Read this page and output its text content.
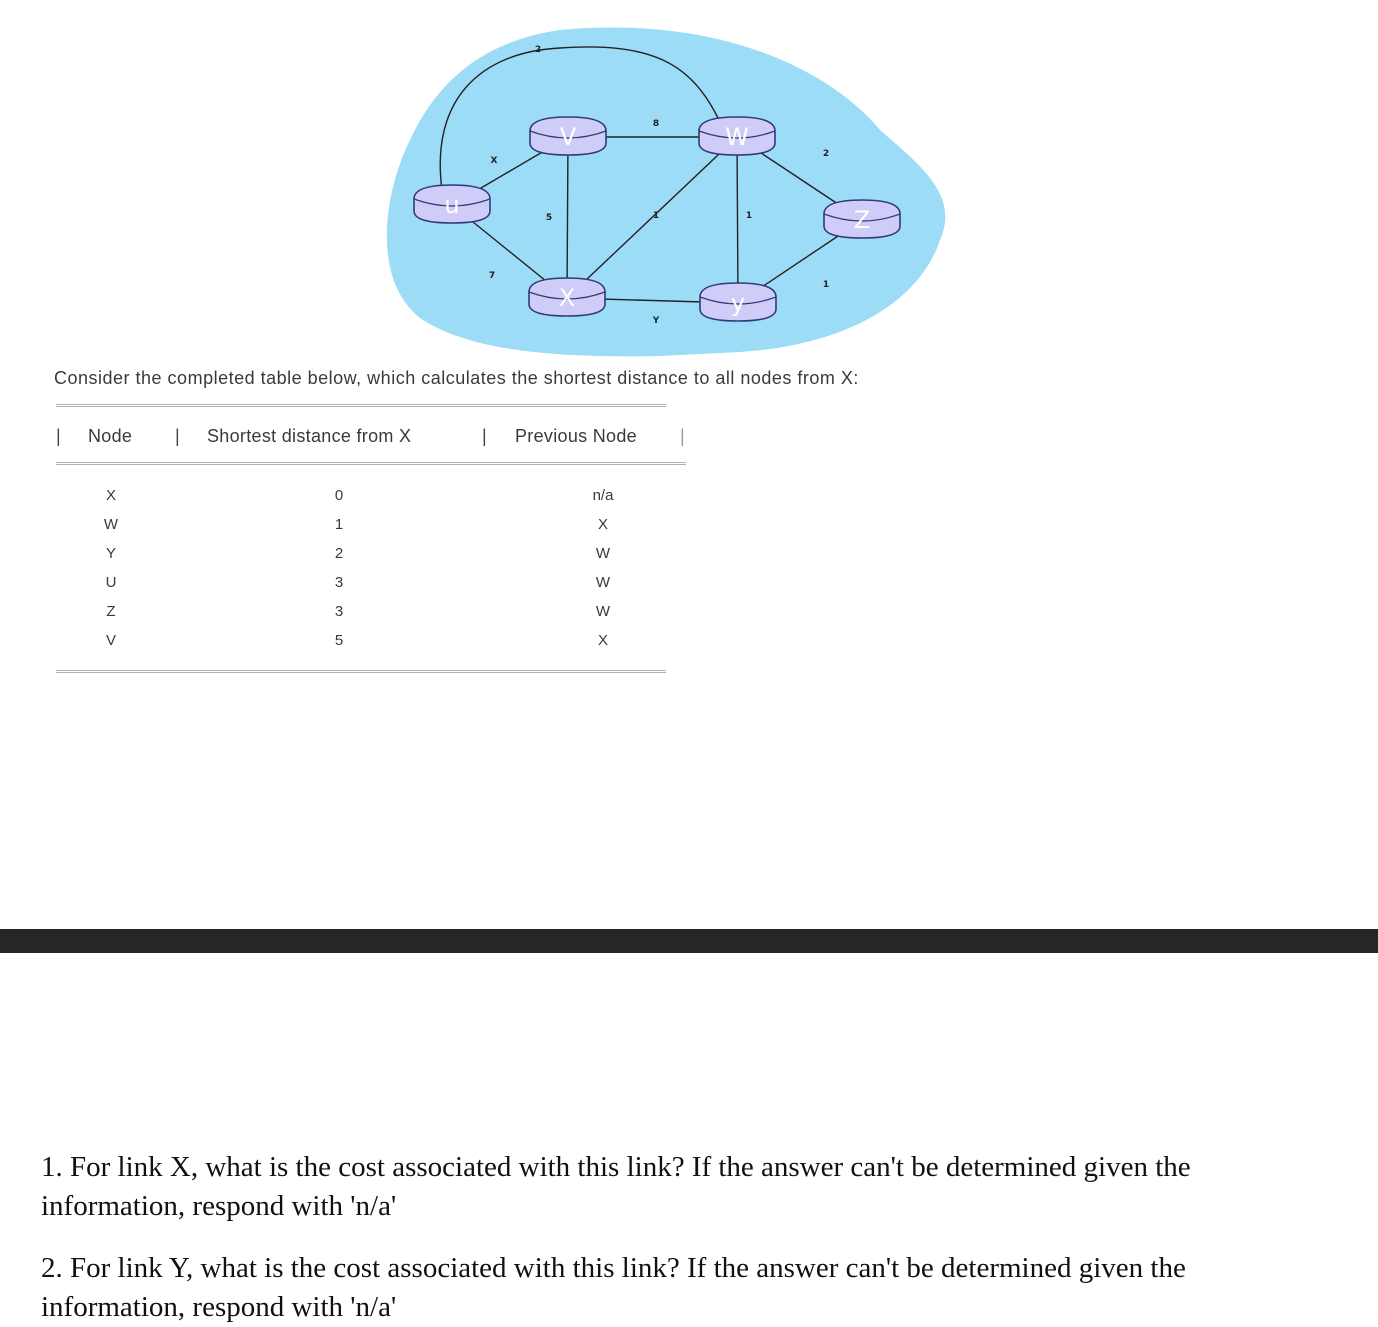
2
X
7
8
5	1	1
2
Y
1
u
V	W
Z
X	y
Consider the completed table below, which calculates the shortest distance to all nodes from X:
| Node | Shortest distance from X	| Previous Node |
X	0	n/a
W	1	X
Y	2	W
U	3	W
Z	3	W
V	5	X
1. For link X, what is the cost associated with this link? If the answer can't be determined given the information, respond with 'n/a'
2. For link Y, what is the cost associated with this link? If the answer can't be determined given the information, respond with 'n/a'
